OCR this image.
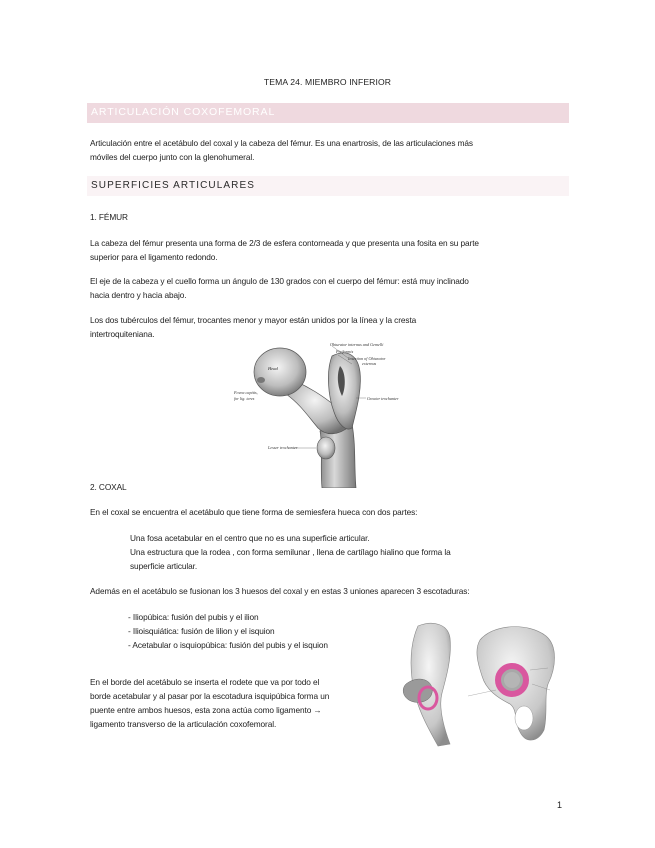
TEMA 24. MIEMBRO INFERIOR
ARTICULACIÓN COXOFEMORAL
Articulación entre el acetábulo del coxal y la cabeza del fémur. Es una enartrosis, de las articulaciones más
móviles del cuerpo junto con la glenohumeral.
SUPERFICIES ARTICULARES
1. FÉMUR
La cabeza del fémur presenta una forma de 2/3 de esfera contorneada y que presenta una fosita en su parte
superior para el ligamento redondo.
El eje de la cabeza y el cuello forma un ángulo de 130 grados con el cuerpo del fémur: está muy inclinado
hacia dentro y hacia abajo.
Los dos tubérculos del fémur, trocantes menor y mayor están unidos por la línea y la cresta
intertroquiteniana.
Obturator internus and Gemelli
Piriformis
Insertion of Obturator
externus
Head
Fovea capitis,
for lig. teres	Greater trochanter
Lesser trochanter
2. COXAL
En el coxal se encuentra el acetábulo que tiene forma de semiesfera hueca con dos partes:
Una fosa acetabular en el centro que no es una superficie articular.
Una estructura que la rodea , con forma semilunar , llena de cartílago hialino que forma la
superficie articular.
Además en el acetábulo se fusionan los 3 huesos del coxal y en estas 3 uniones aparecen 3 escotaduras:
- Iliopúbica: fusión del pubis y el ilion
- Ilioisquiática: fusión de lilion y el isquion
- Acetabular o isquiopúbica: fusión del pubis y el isquion
En el borde del acetábulo se inserta el rodete que va por todo el
borde acetabular y al pasar por la escotadura isquipúbica forma un
puente entre ambos huesos, esta zona actúa como ligamento →
ligamento transverso de la articulación coxofemoral.
1
